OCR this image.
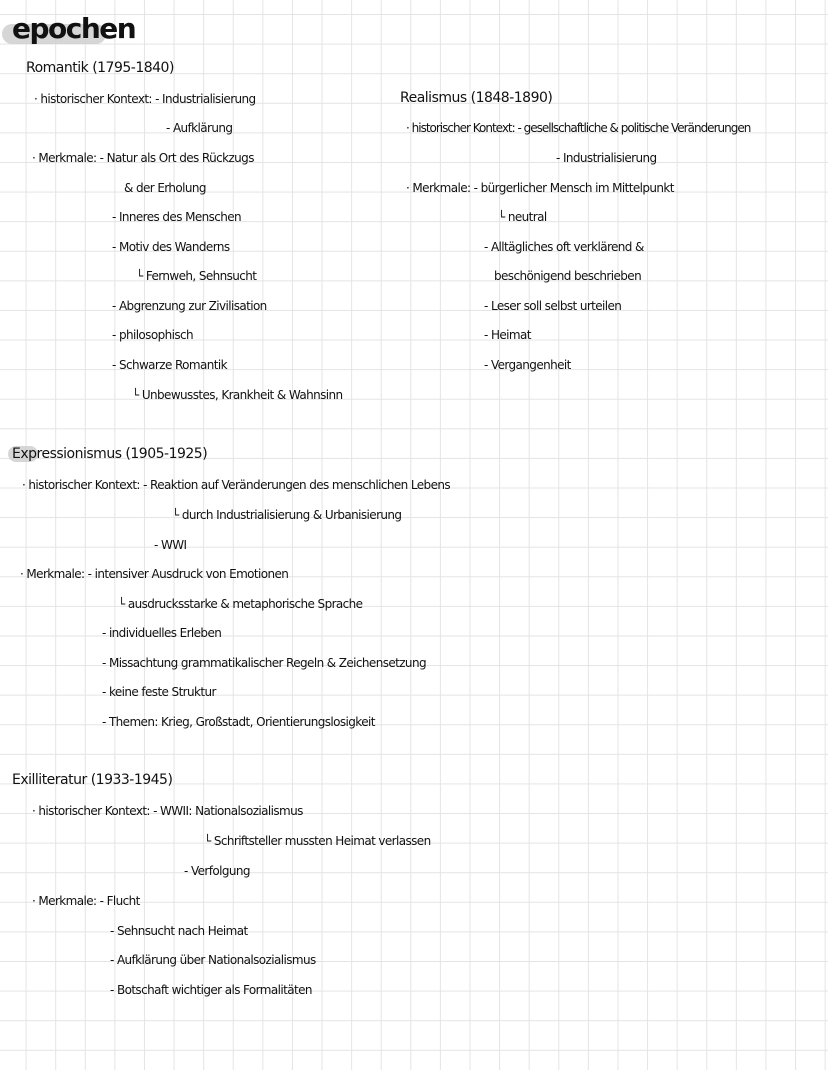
epochen
Romantik (1795-1840)
· historischer Kontext: - Industrialisierung
- Aufklärung
· Merkmale: - Natur als Ort des Rückzugs
& der Erholung
- Inneres des Menschen
- Motiv des Wanderns
└ Fernweh, Sehnsucht
- Abgrenzung zur Zivilisation
- philosophisch
- Schwarze Romantik
└ Unbewusstes, Krankheit & Wahnsinn
Realismus (1848-1890)
· historischer Kontext: - gesellschaftliche & politische Veränderungen
- Industrialisierung
· Merkmale: - bürgerlicher Mensch im Mittelpunkt
└ neutral
- Alltägliches oft verklärend &
beschönigend beschrieben
- Leser soll selbst urteilen
- Heimat
- Vergangenheit
Expressionismus (1905-1925)
· historischer Kontext: - Reaktion auf Veränderungen des menschlichen Lebens
└ durch Industrialisierung & Urbanisierung
- WWI
· Merkmale: - intensiver Ausdruck von Emotionen
└ ausdrucksstarke & metaphorische Sprache
- individuelles Erleben
- Missachtung grammatikalischer Regeln & Zeichensetzung
- keine feste Struktur
- Themen: Krieg, Großstadt, Orientierungslosigkeit
Exilliteratur (1933-1945)
· historischer Kontext: - WWII: Nationalsozialismus
└ Schriftsteller mussten Heimat verlassen
- Verfolgung
· Merkmale: - Flucht
- Sehnsucht nach Heimat
- Aufklärung über Nationalsozialismus
- Botschaft wichtiger als Formalitäten
